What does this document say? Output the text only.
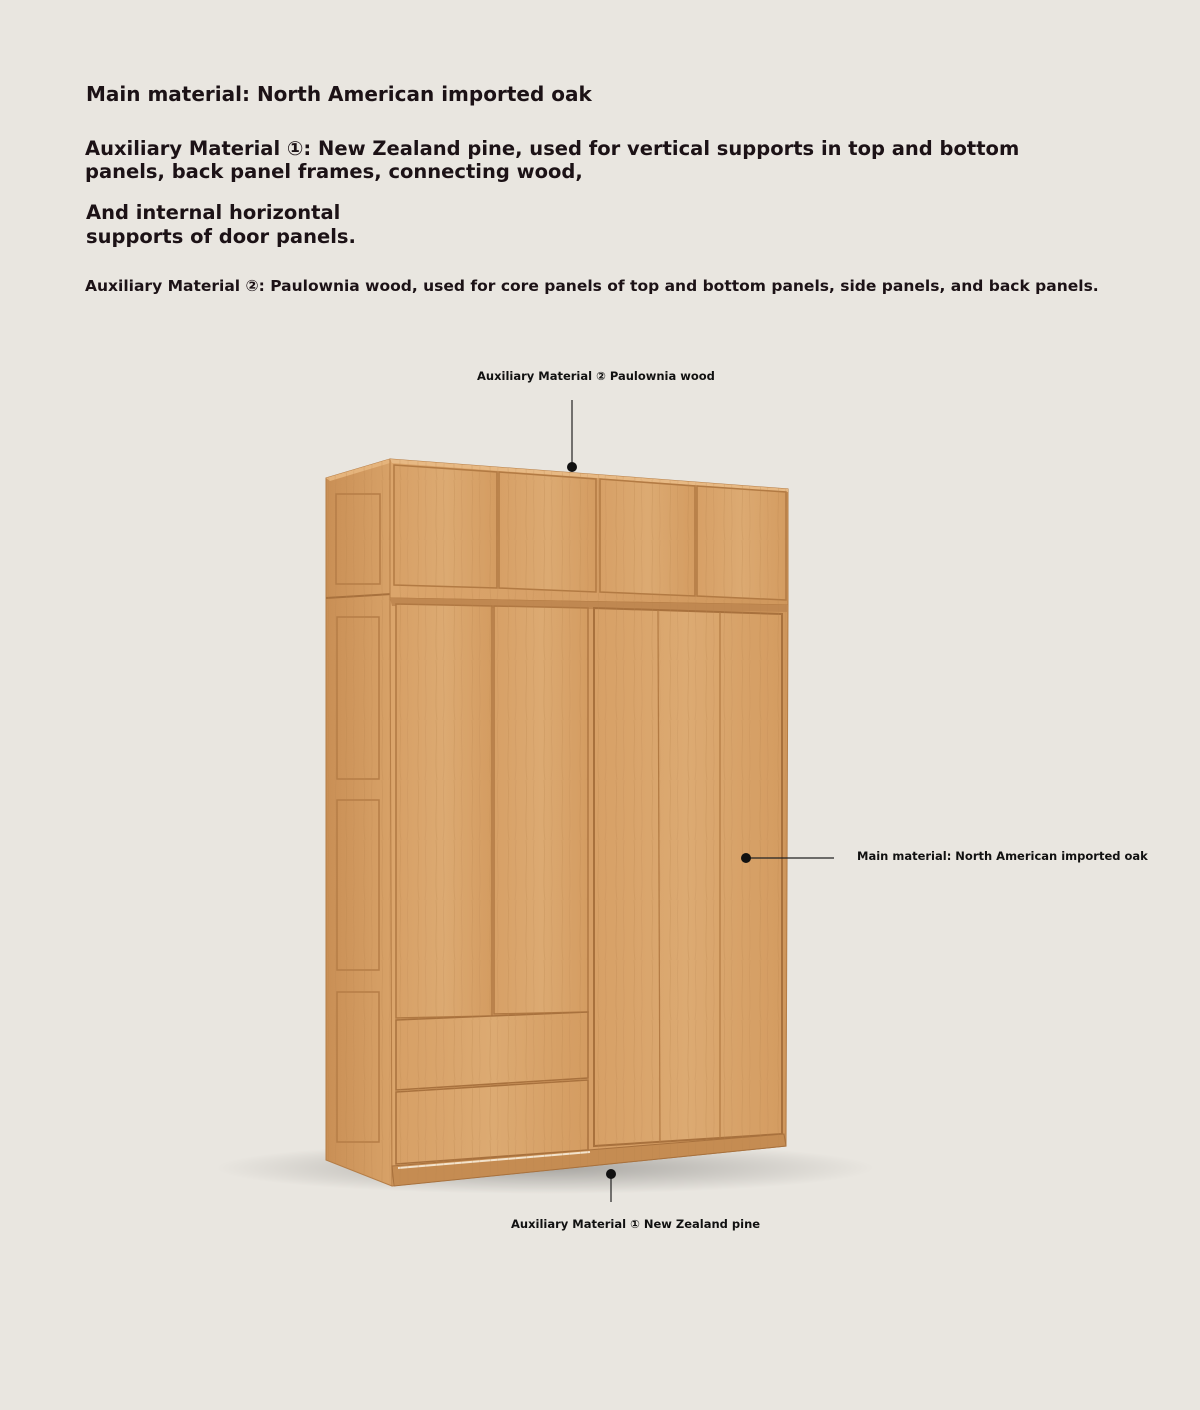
Main material: North American imported oak

Auxiliary Material ①: New Zealand pine, used for vertical supports in top and bottom panels, back panel frames, connecting wood,

And internal horizontal supports of door panels.

Auxiliary Material ②: Paulownia wood, used for core panels of top and bottom panels, side panels, and back panels.

Auxiliary Material ② Paulownia wood
Main material: North American imported oak
Auxiliary Material ① New Zealand pine
